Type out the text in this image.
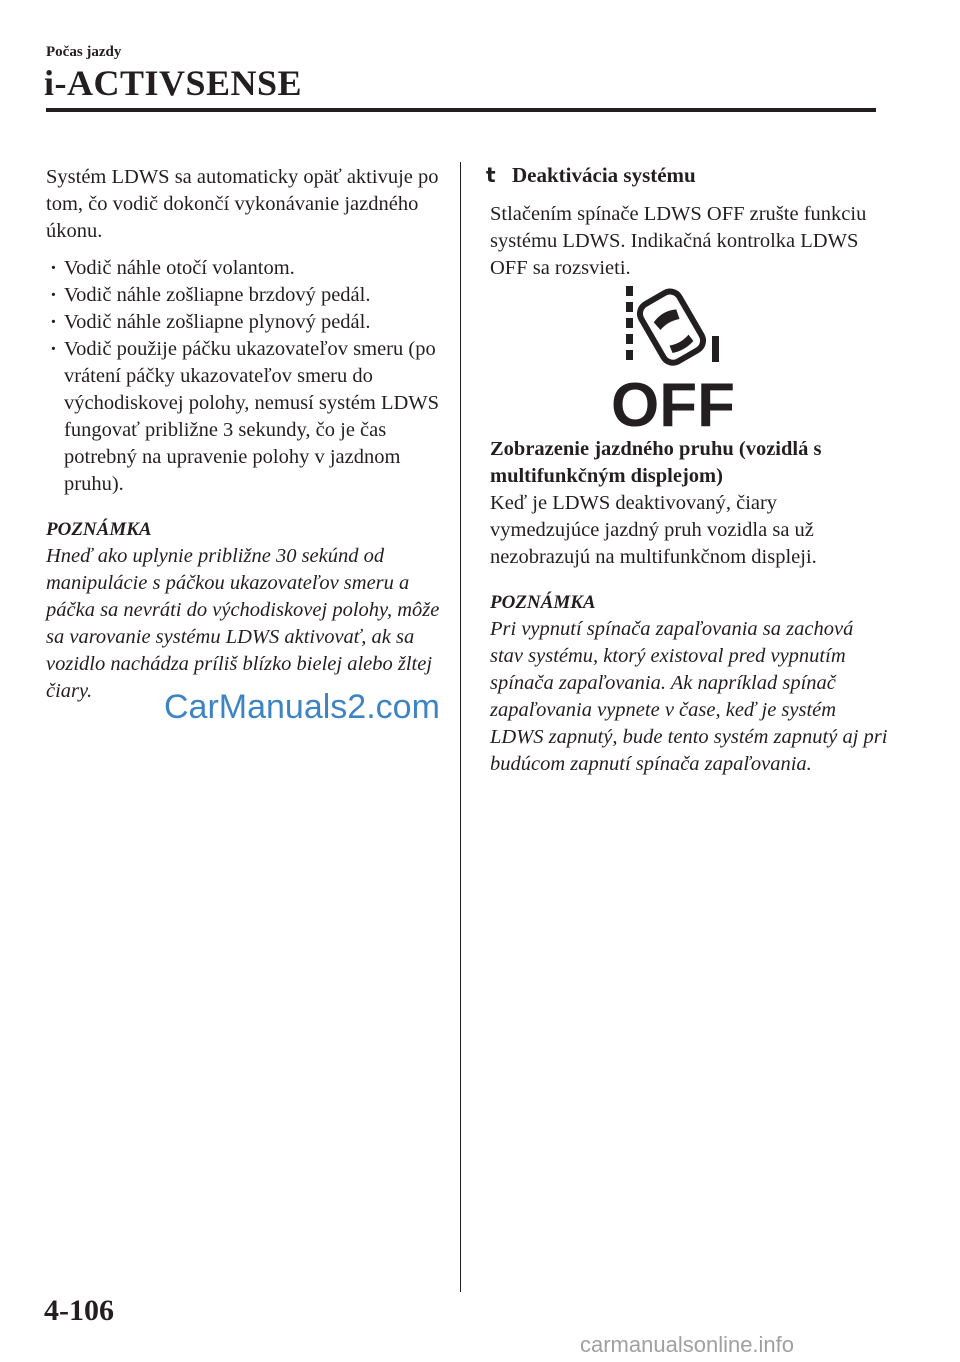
Počas jazdy
i-ACTIVSENSE

Systém LDWS sa automaticky opäť aktivuje po tom, čo vodič dokončí vykonávanie jazdného úkonu.

· Vodič náhle otočí volantom.
· Vodič náhle zošliapne brzdový pedál.
· Vodič náhle zošliapne plynový pedál.
· Vodič použije páčku ukazovateľov smeru (po vrátení páčky ukazovateľov smeru do východiskovej polohy, nemusí systém LDWS fungovať približne 3 sekundy, čo je čas potrebný na upravenie polohy v jazdnom pruhu).

POZNÁMKA

Hneď ako uplynie približne 30 sekúnd od manipulácie s páčkou ukazovateľov smeru a páčka sa nevráti do východiskovej polohy, môže sa varovanie systému LDWS aktivovať, ak sa vozidlo nachádza príliš blízko bielej alebo žltej čiary.

t Deaktivácia systému

Stlačením spínače LDWS OFF zrušte funkciu systému LDWS. Indikačná kontrolka LDWS OFF sa rozsvieti.

OFF

Zobrazenie jazdného pruhu (vozidlá s multifunkčným displejom)

Keď je LDWS deaktivovaný, čiary vymedzujúce jazdný pruh vozidla sa už nezobrazujú na multifunkčnom displeji.

POZNÁMKA

Pri vypnutí spínača zapaľovania sa zachová stav systému, ktorý existoval pred vypnutím spínača zapaľovania. Ak napríklad spínač zapaľovania vypnete v čase, keď je systém LDWS zapnutý, bude tento systém zapnutý aj pri budúcom zapnutí spínača zapaľovania.

CarManuals2.com
4-106
carmanualsonline.info
